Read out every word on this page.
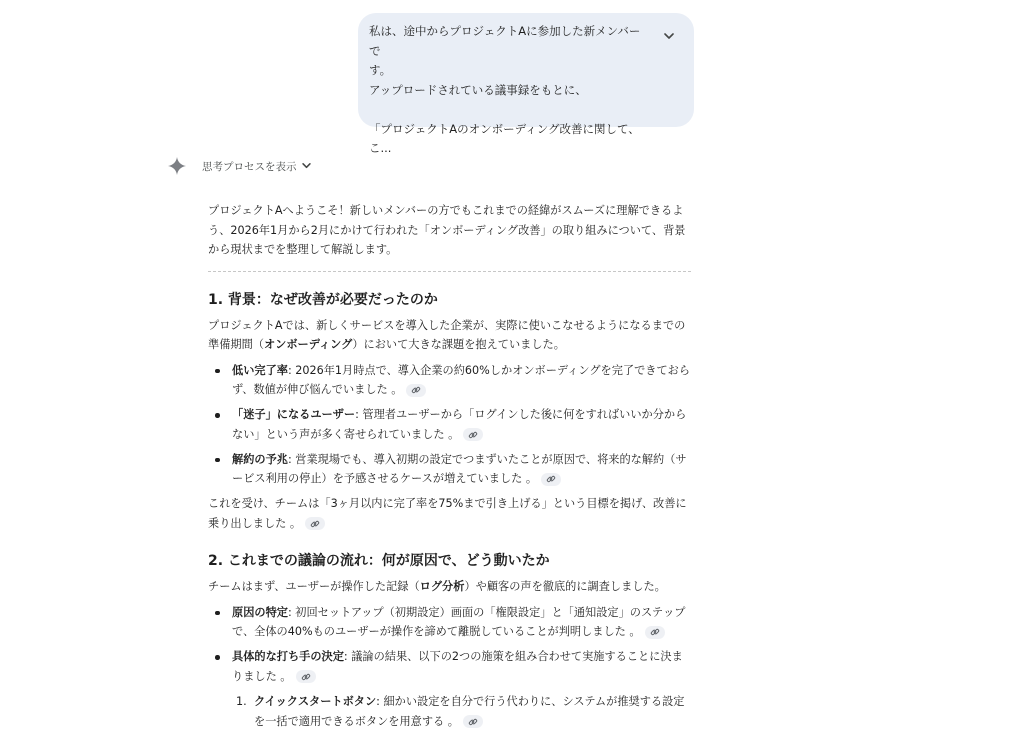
私は、途中からプロジェクトAに参加した新メンバーで

す。

アップロードされている議事録をもとに、

「プロジェクトAのオンボーディング改善に関して、こ...

思考プロセスを表示

プロジェクトAへようこそ！新しいメンバーの方でもこれまでの経緯がスムーズに理解できるよう、2026年1月から2月にかけて行われた「オンボーディング改善」の取り組みについて、背景から現状までを整理して解説します。

1. 背景：なぜ改善が必要だったのか

プロジェクトAでは、新しくサービスを導入した企業が、実際に使いこなせるようになるまでの準備期間（オンボーディング）において大きな課題を抱えていました。

低い完了率: 2026年1月時点で、導入企業の約60%しかオンボーディングを完了できておらず、数値が伸び悩んでいました 。
「迷子」になるユーザー: 管理者ユーザーから「ログインした後に何をすればいいか分からない」という声が多く寄せられていました 。
解約の予兆: 営業現場でも、導入初期の設定でつまずいたことが原因で、将来的な解約（サービス利用の停止）を予感させるケースが増えていました 。

これを受け、チームは「3ヶ月以内に完了率を75%まで引き上げる」という目標を掲げ、改善に乗り出しました 。

2. これまでの議論の流れ：何が原因で、どう動いたか

チームはまず、ユーザーが操作した記録（ログ分析）や顧客の声を徹底的に調査しました。

原因の特定: 初回セットアップ（初期設定）画面の「権限設定」と「通知設定」のステップで、全体の40%ものユーザーが操作を諦めて離脱していることが判明しました 。
具体的な打ち手の決定: 議論の結果、以下の2つの施策を組み合わせて実施することに決まりました 。
1. クイックスタートボタン: 細かい設定を自分で行う代わりに、システムが推奨する設定を一括で適用できるボタンを用意する 。
